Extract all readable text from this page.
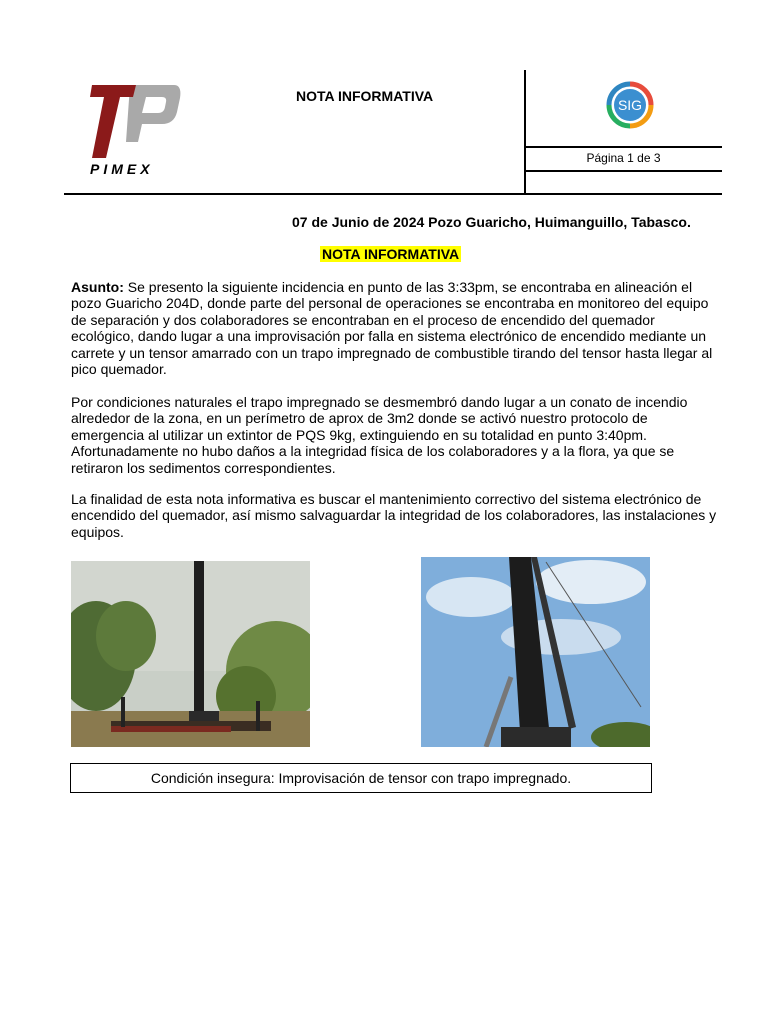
PIMEX
NOTA INFORMATIVA
SIG
Página 1 de 3
07 de Junio de 2024 Pozo Guaricho, Huimanguillo, Tabasco.
NOTA INFORMATIVA
Asunto: Se presento la siguiente incidencia en punto de las 3:33pm, se encontraba en alineación el pozo Guaricho 204D, donde parte del personal de operaciones se encontraba en monitoreo del equipo de separación y dos colaboradores se encontraban en el proceso de encendido del quemador ecológico, dando lugar a una improvisación por falla en sistema electrónico de encendido mediante un carrete y un tensor amarrado con un trapo impregnado de combustible tirando del tensor hasta llegar al pico quemador.
Por condiciones naturales el trapo impregnado se desmembró dando lugar a un conato de incendio alrededor de la zona, en un perímetro de aprox de 3m2 donde se activó nuestro protocolo de emergencia al utilizar un extintor de PQS 9kg, extinguiendo en su totalidad en punto 3:40pm. Afortunadamente no hubo daños a la integridad física de los colaboradores y a la flora, ya que se retiraron los sedimentos correspondientes.
La finalidad de esta nota informativa es buscar el mantenimiento correctivo del sistema electrónico de encendido del quemador, así mismo salvaguardar la integridad de los colaboradores, las instalaciones y equipos.
Condición insegura: Improvisación de tensor con trapo impregnado.
